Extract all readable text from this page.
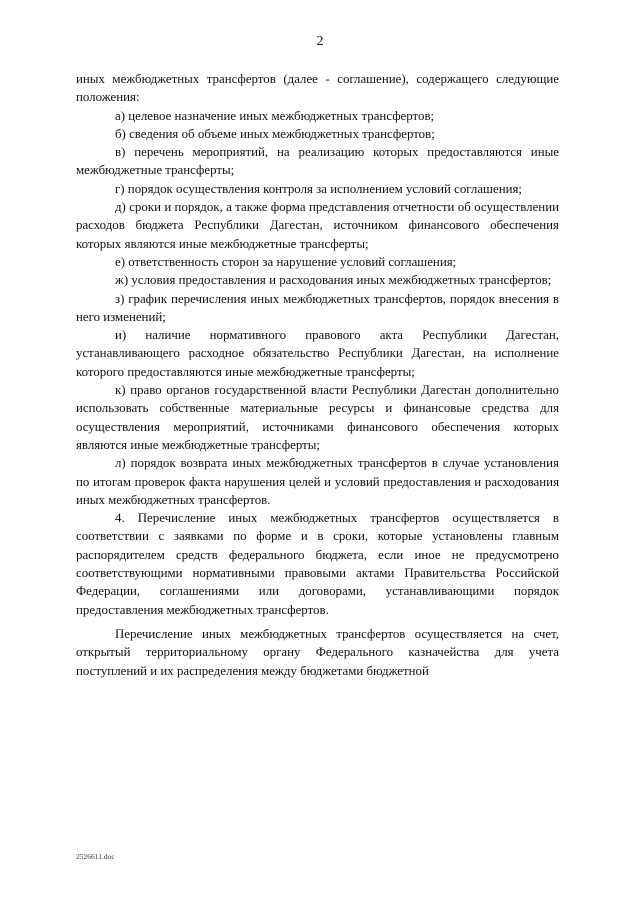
2

иных межбюджетных трансфертов (далее - соглашение), содержащего следующие положения:

а) целевое назначение иных межбюджетных трансфертов;

б) сведения об объеме иных межбюджетных трансфертов;

в) перечень мероприятий, на реализацию которых предоставляются иные межбюджетные трансферты;

г) порядок осуществления контроля за исполнением условий соглашения;

д) сроки и порядок, а также форма представления отчетности об осуществлении расходов бюджета Республики Дагестан, источником финансового обеспечения которых являются иные межбюджетные трансферты;

е) ответственность сторон за нарушение условий соглашения;

ж) условия предоставления и расходования иных межбюджетных трансфертов;

з) график перечисления иных межбюджетных трансфертов, порядок внесения в него изменений;

и) наличие нормативного правового акта Республики Дагестан, устанавливающего расходное обязательство Республики Дагестан, на исполнение которого предоставляются иные межбюджетные трансферты;

к) право органов государственной власти Республики Дагестан дополнительно использовать собственные материальные ресурсы и финансовые средства для осуществления мероприятий, источниками финансового обеспечения которых являются иные межбюджетные трансферты;

л) порядок возврата иных межбюджетных трансфертов в случае установления по итогам проверок факта нарушения целей и условий предоставления и расходования иных межбюджетных трансфертов.

4. Перечисление иных межбюджетных трансфертов осуществляется в соответствии с заявками по форме и в сроки, которые установлены главным распорядителем средств федерального бюджета, если иное не предусмотрено соответствующими нормативными правовыми актами Правительства Российской Федерации, соглашениями или договорами, устанавливающими порядок предоставления межбюджетных трансфертов.

Перечисление иных межбюджетных трансфертов осуществляется на счет, открытый территориальному органу Федерального казначейства для учета поступлений и их распределения между бюджетами бюджетной

2526611.doc
